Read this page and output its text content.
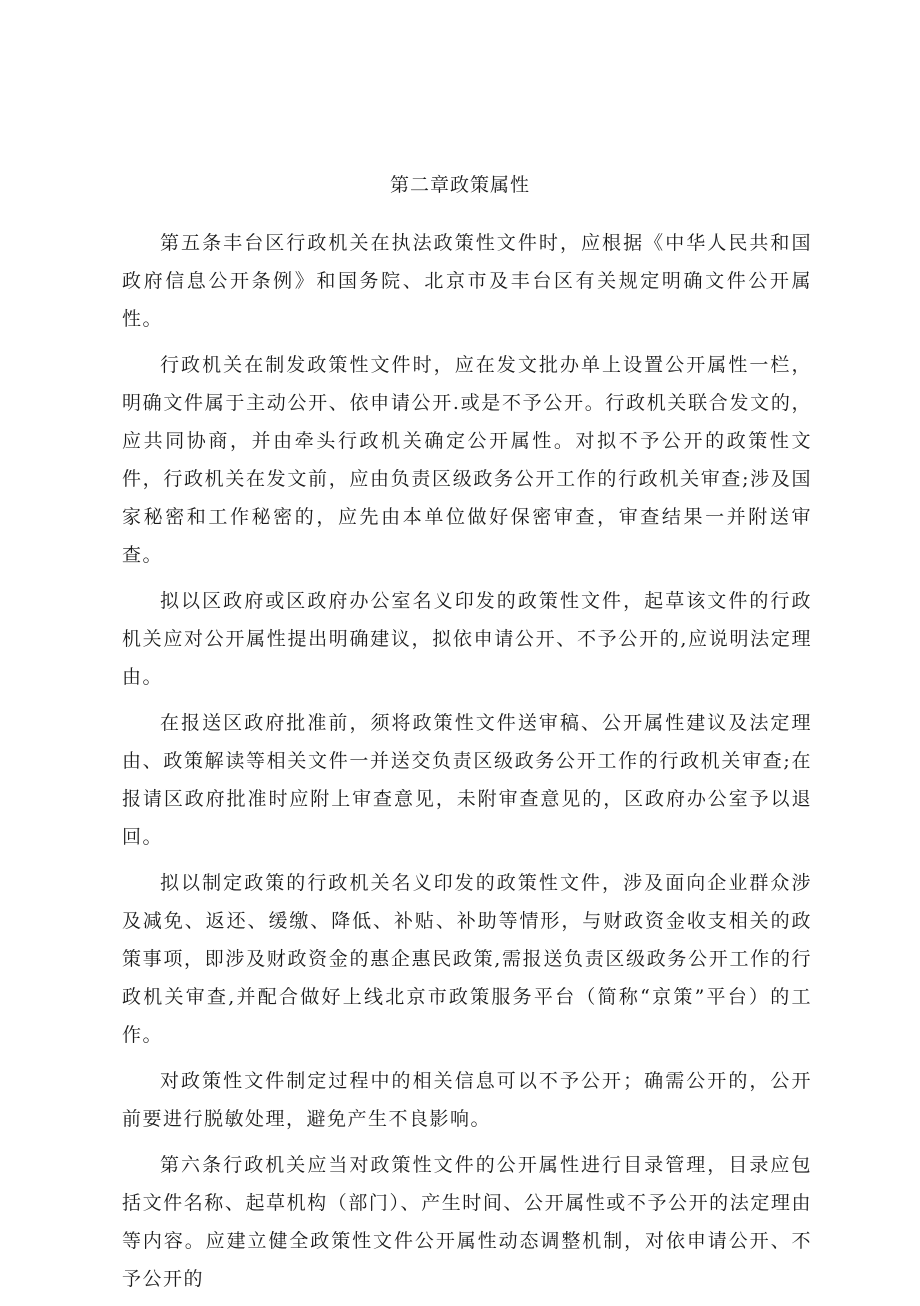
第二章政策属性

第五条丰台区行政机关在执法政策性文件时，应根据《中华人民共和国政府信息公开条例》和国务院、北京市及丰台区有关规定明确文件公开属性。

行政机关在制发政策性文件时，应在发文批办单上设置公开属性一栏，明确文件属于主动公开、依申请公开.或是不予公开。行政机关联合发文的，应共同协商，并由牵头行政机关确定公开属性。对拟不予公开的政策性文件，行政机关在发文前，应由负责区级政务公开工作的行政机关审查;涉及国家秘密和工作秘密的，应先由本单位做好保密审查，审查结果一并附送审查。

拟以区政府或区政府办公室名义印发的政策性文件，起草该文件的行政机关应对公开属性提出明确建议，拟依申请公开、不予公开的,应说明法定理由。

在报送区政府批准前，须将政策性文件送审稿、公开属性建议及法定理由、政策解读等相关文件一并送交负责区级政务公开工作的行政机关审查;在报请区政府批准时应附上审查意见，未附审查意见的，区政府办公室予以退回。

拟以制定政策的行政机关名义印发的政策性文件，涉及面向企业群众涉及减免、返还、缓缴、降低、补贴、补助等情形，与财政资金收支相关的政策事项，即涉及财政资金的惠企惠民政策,需报送负责区级政务公开工作的行政机关审查,并配合做好上线北京市政策服务平台（简称“京策”平台）的工作。

对政策性文件制定过程中的相关信息可以不予公开；确需公开的，公开前要进行脱敏处理，避免产生不良影响。

第六条行政机关应当对政策性文件的公开属性进行目录管理，目录应包括文件名称、起草机构（部门）、产生时间、公开属性或不予公开的法定理由等内容。应建立健全政策性文件公开属性动态调整机制，对依申请公开、不予公开的
